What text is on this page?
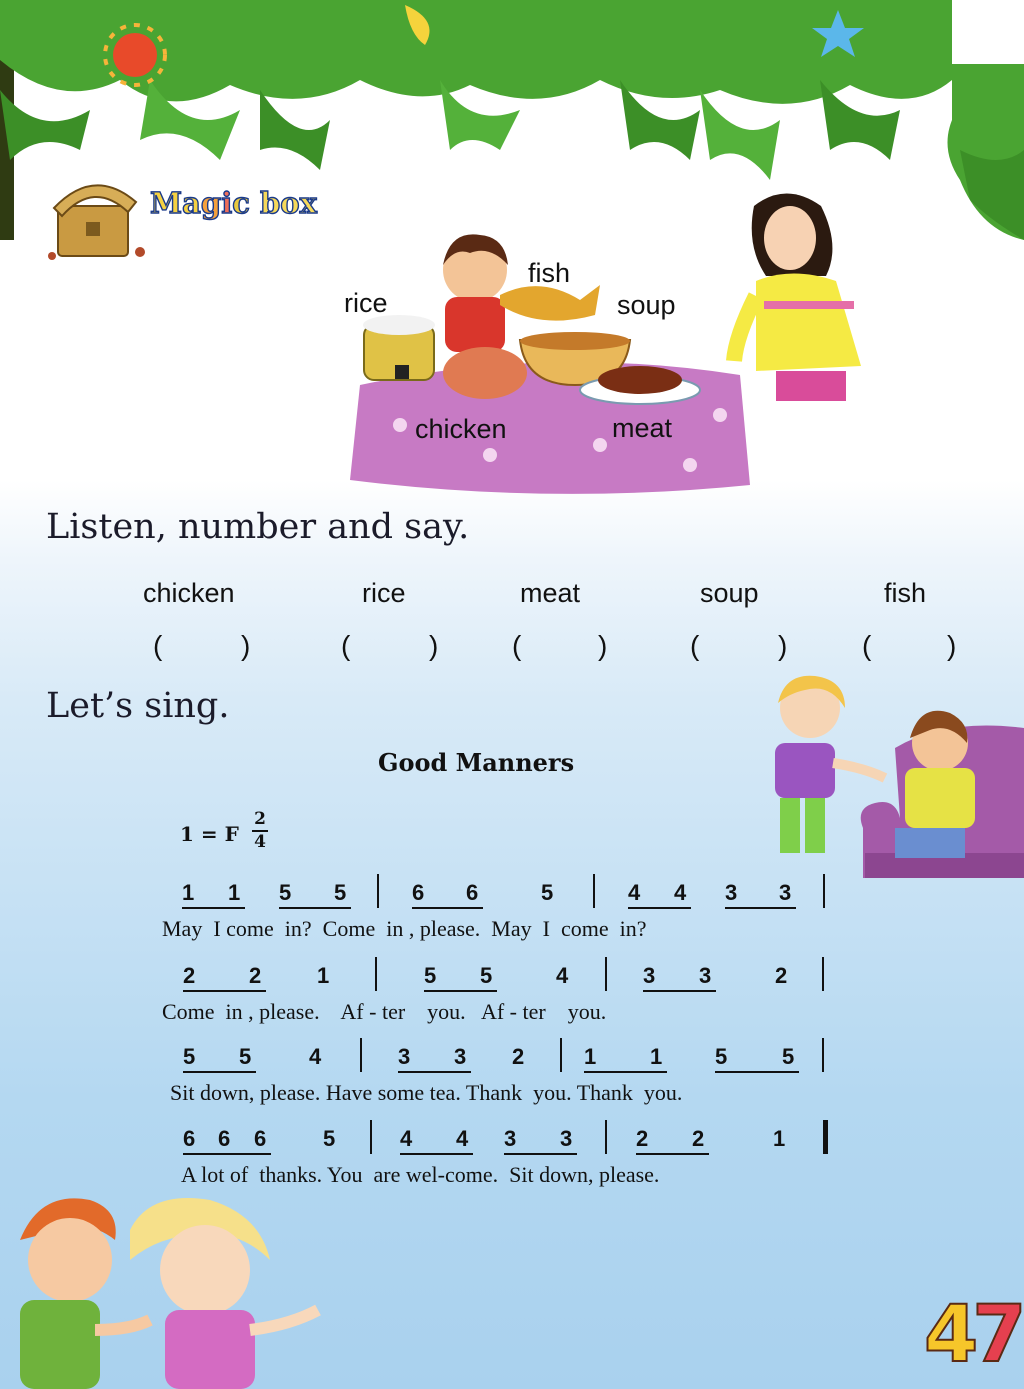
Magic box
rice
fish
soup
chicken	meat
Listen, number and say.
chicken	rice	meat	soup	fish
(	)	(	)	(	)	(	)	(	)
Let’s sing.
Good Manners
1 = F
2
4
1 1 5 5	6 6	5	4 4 3 3
May  I come  in?  Come  in , please.  May  I  come  in?
2 2	1	5 5	4	3 3	2
Come  in , please.    Af - ter    you.   Af - ter    you.
5 5	4	3 3 2	1 1 5 5
Sit down, please. Have some tea. Thank  you. Thank  you.
6 6 6	5	4 4 3 3	2 2	1
A lot of  thanks. You  are wel-come.  Sit down, please.
47
